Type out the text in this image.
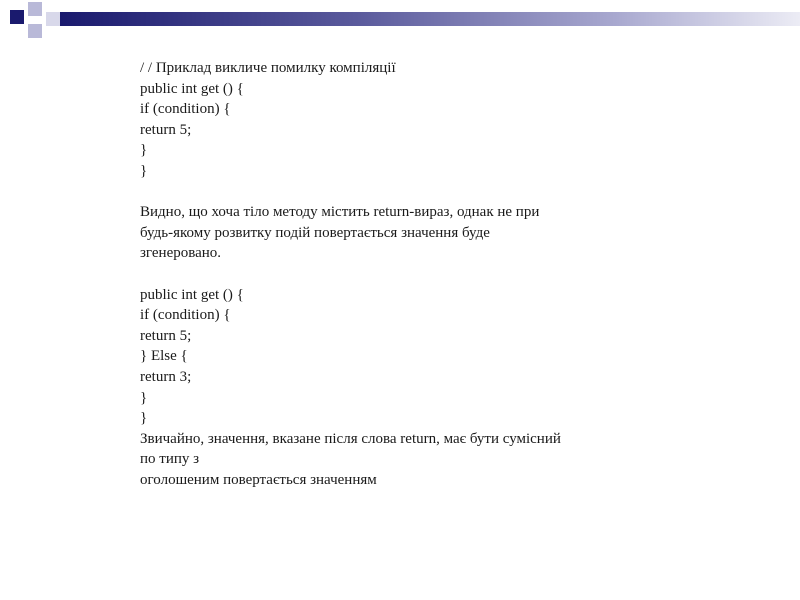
/ / Приклад викличе помилку компіляції
public int get () {
if (condition) {
return 5;
}
}
Видно, що хоча тіло методу містить return-вираз, однак не при
будь-якому розвитку подій повертається значення буде
згенеровано.
public int get () {
if (condition) {
return 5;
} Else {
return 3;
}
}
Звичайно, значення, вказане після слова return, має бути сумісний
по типу з
оголошеним повертається значенням
